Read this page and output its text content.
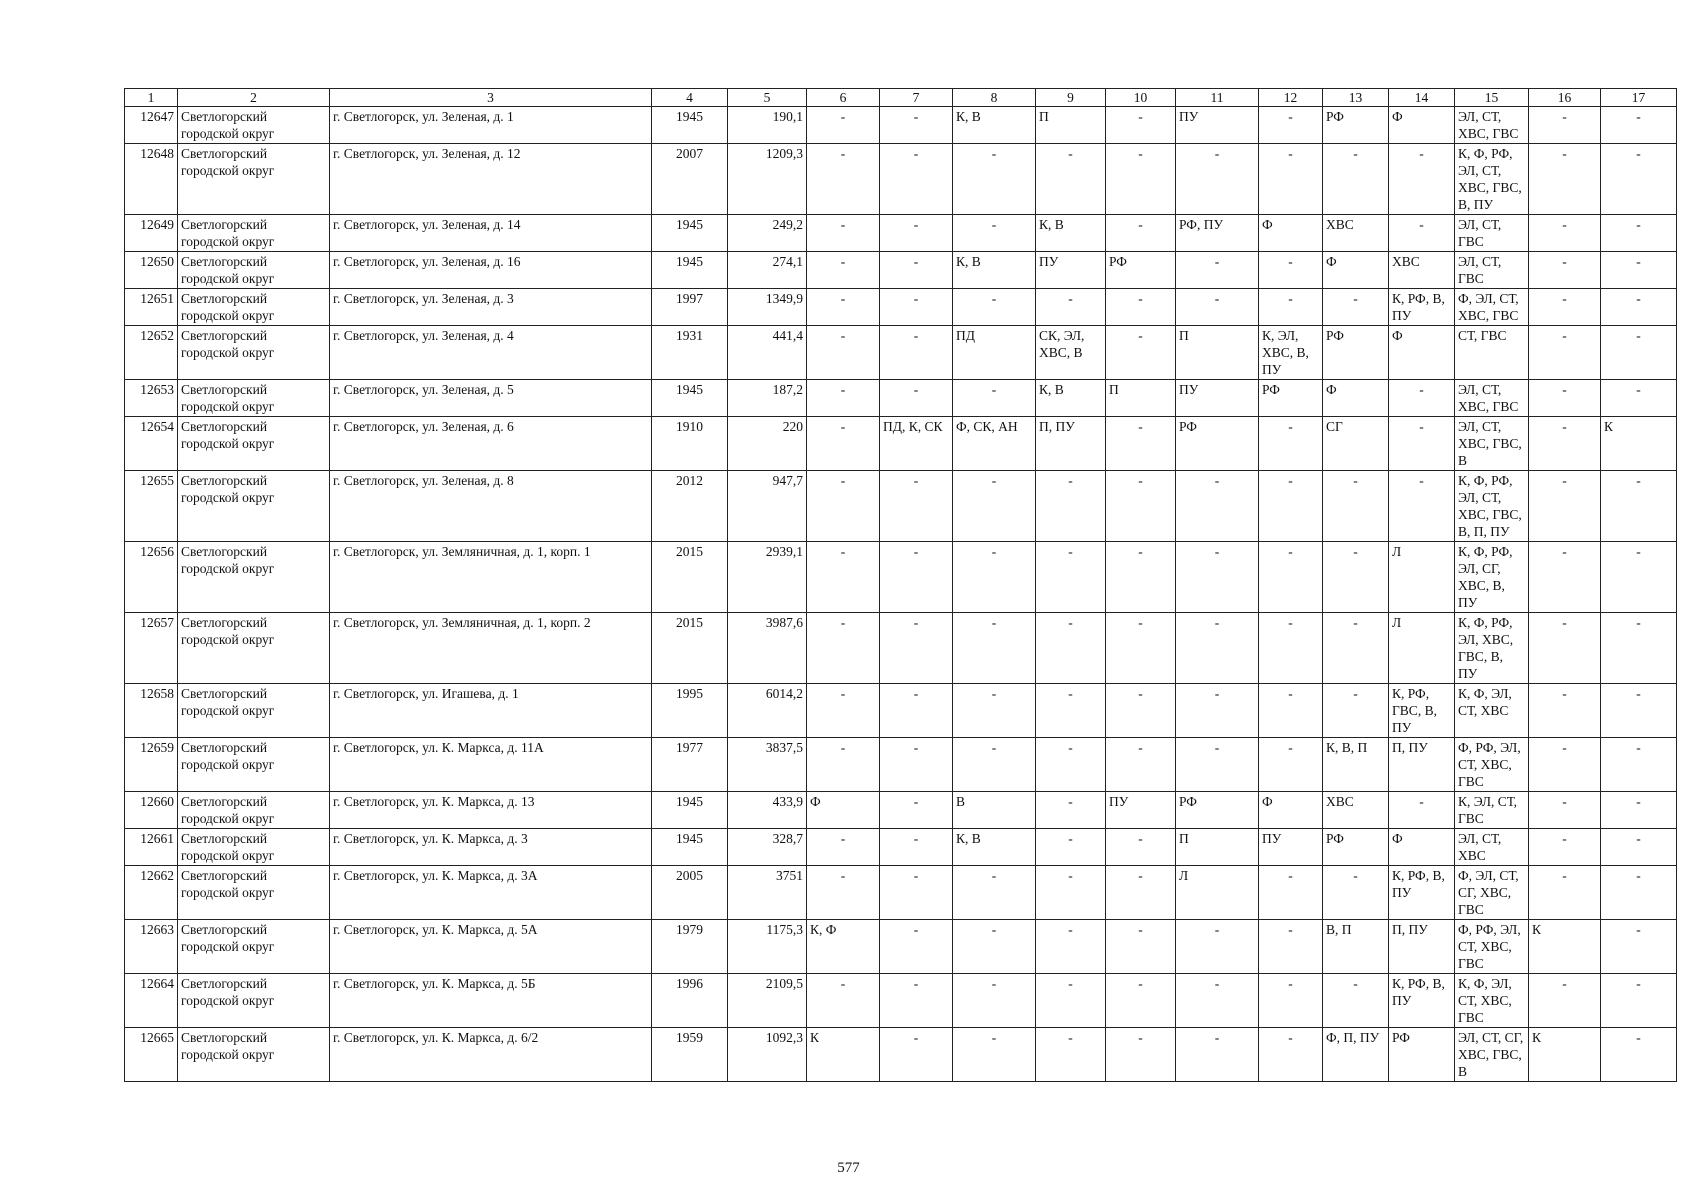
1	2	3	4	5	6	7	8	9	10	11	12	13	14	15	16	17
12647	Светлогорский городской округ	г. Светлогорск, ул. Зеленая, д. 1	1945	190,1	-	-	К, В	П	-	ПУ	-	РФ	Ф	ЭЛ, СТ, ХВС, ГВС	-	-
12648	Светлогорский городской округ	г. Светлогорск, ул. Зеленая, д. 12	2007	1209,3	-	-	-	-	-	-	-	-	-	К, Ф, РФ, ЭЛ, СТ, ХВС, ГВС, В, ПУ	-	-
12649	Светлогорский городской округ	г. Светлогорск, ул. Зеленая, д. 14	1945	249,2	-	-	-	К, В	-	РФ, ПУ	Ф	ХВС	-	ЭЛ, СТ, ГВС	-	-
12650	Светлогорский городской округ	г. Светлогорск, ул. Зеленая, д. 16	1945	274,1	-	-	К, В	ПУ	РФ	-	-	Ф	ХВС	ЭЛ, СТ, ГВС	-	-
12651	Светлогорский городской округ	г. Светлогорск, ул. Зеленая, д. 3	1997	1349,9	-	-	-	-	-	-	-	-	К, РФ, В, ПУ	Ф, ЭЛ, СТ, ХВС, ГВС	-	-
12652	Светлогорский городской округ	г. Светлогорск, ул. Зеленая, д. 4	1931	441,4	-	-	ПД	СК, ЭЛ, ХВС, В	-	П	К, ЭЛ, ХВС, В, ПУ	РФ	Ф	СТ, ГВС	-	-
12653	Светлогорский городской округ	г. Светлогорск, ул. Зеленая, д. 5	1945	187,2	-	-	-	К, В	П	ПУ	РФ	Ф	-	ЭЛ, СТ, ХВС, ГВС	-	-
12654	Светлогорский городской округ	г. Светлогорск, ул. Зеленая, д. 6	1910	220	-	ПД, К, СК	Ф, СК, АН	П, ПУ	-	РФ	-	СГ	-	ЭЛ, СТ, ХВС, ГВС, В	-	К
12655	Светлогорский городской округ	г. Светлогорск, ул. Зеленая, д. 8	2012	947,7	-	-	-	-	-	-	-	-	-	К, Ф, РФ, ЭЛ, СТ, ХВС, ГВС, В, П, ПУ	-	-
12656	Светлогорский городской округ	г. Светлогорск, ул. Земляничная, д. 1, корп. 1	2015	2939,1	-	-	-	-	-	-	-	-	Л	К, Ф, РФ, ЭЛ, СГ, ХВС, В, ПУ	-	-
12657	Светлогорский городской округ	г. Светлогорск, ул. Земляничная, д. 1, корп. 2	2015	3987,6	-	-	-	-	-	-	-	-	Л	К, Ф, РФ, ЭЛ, ХВС, ГВС, В, ПУ	-	-
12658	Светлогорский городской округ	г. Светлогорск, ул. Игашева, д. 1	1995	6014,2	-	-	-	-	-	-	-	-	К, РФ, ГВС, В, ПУ	К, Ф, ЭЛ, СТ, ХВС	-	-
12659	Светлогорский городской округ	г. Светлогорск, ул. К. Маркса, д. 11А	1977	3837,5	-	-	-	-	-	-	-	К, В, П	П, ПУ	Ф, РФ, ЭЛ, СТ, ХВС, ГВС	-	-
12660	Светлогорский городской округ	г. Светлогорск, ул. К. Маркса, д. 13	1945	433,9	Ф	-	В	-	ПУ	РФ	Ф	ХВС	-	К, ЭЛ, СТ, ГВС	-	-
12661	Светлогорский городской округ	г. Светлогорск, ул. К. Маркса, д. 3	1945	328,7	-	-	К, В	-	-	П	ПУ	РФ	Ф	ЭЛ, СТ, ХВС	-	-
12662	Светлогорский городской округ	г. Светлогорск, ул. К. Маркса, д. 3А	2005	3751	-	-	-	-	-	Л	-	-	К, РФ, В, ПУ	Ф, ЭЛ, СТ, СГ, ХВС, ГВС	-	-
12663	Светлогорский городской округ	г. Светлогорск, ул. К. Маркса, д. 5А	1979	1175,3	К, Ф	-	-	-	-	-	-	В, П	П, ПУ	Ф, РФ, ЭЛ, СТ, ХВС, ГВС	К	-
12664	Светлогорский городской округ	г. Светлогорск, ул. К. Маркса, д. 5Б	1996	2109,5	-	-	-	-	-	-	-	-	К, РФ, В, ПУ	К, Ф, ЭЛ, СТ, ХВС, ГВС	-	-
12665	Светлогорский городской округ	г. Светлогорск, ул. К. Маркса, д. 6/2	1959	1092,3	К	-	-	-	-	-	-	Ф, П, ПУ	РФ	ЭЛ, СТ, СГ, ХВС, ГВС, В	К	-
577
